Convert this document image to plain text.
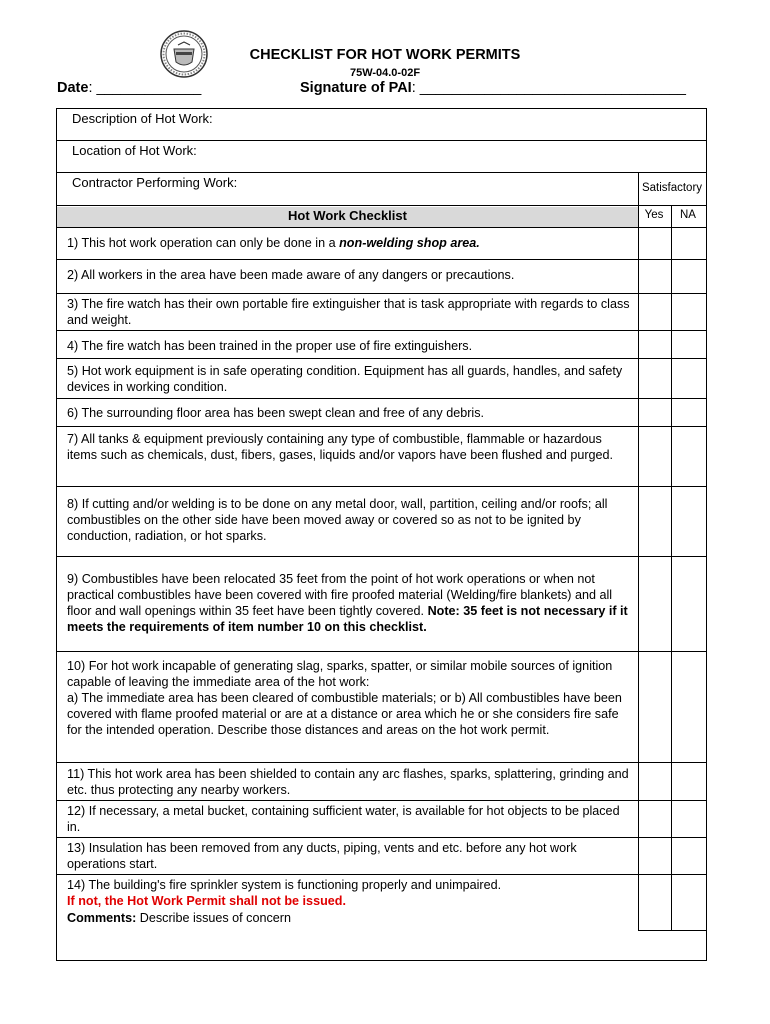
CHECKLIST FOR HOT WORK PERMITS
75W-04.0-02F
Date: _____________	Signature of PAI: _________________________________
Description of Hot Work:
Location of Hot Work:
Contractor Performing Work:	Satisfactory
Hot Work Checklist	Yes	NA
1) This hot work operation can only be done in a non-welding shop area.
2) All workers in the area have been made aware of any dangers or precautions.
3) The fire watch has their own portable fire extinguisher that is task appropriate with regards to class and weight.
4) The fire watch has been trained in the proper use of fire extinguishers.
5) Hot work equipment is in safe operating condition. Equipment has all guards, handles, and safety devices in working condition.
6) The surrounding floor area has been swept clean and free of any debris.
7) All tanks & equipment previously containing any type of combustible, flammable or hazardous items such as chemicals, dust, fibers, gases, liquids and/or vapors have been flushed and purged.
8) If cutting and/or welding is to be done on any metal door, wall, partition, ceiling and/or roofs; all combustibles on the other side have been moved away or covered so as not to be ignited by conduction, radiation, or hot sparks.
9) Combustibles have been relocated 35 feet from the point of hot work operations or when not practical combustibles have been covered with fire proofed material (Welding/fire blankets) and all floor and wall openings within 35 feet have been tightly covered. Note: 35 feet is not necessary if it meets the requirements of item number 10 on this checklist.
10) For hot work incapable of generating slag, sparks, spatter, or similar mobile sources of ignition capable of leaving the immediate area of the hot work:
a) The immediate area has been cleared of combustible materials; or b) All combustibles have been covered with flame proofed material or are at a distance or area which he or she considers fire safe for the intended operation. Describe those distances and areas on the hot work permit.
11) This hot work area has been shielded to contain any arc flashes, sparks, splattering, grinding and etc. thus protecting any nearby workers.
12) If necessary, a metal bucket, containing sufficient water, is available for hot objects to be placed in.
13) Insulation has been removed from any ducts, piping, vents and etc. before any hot work operations start.
14) The building's fire sprinkler system is functioning properly and unimpaired.
If not, the Hot Work Permit shall not be issued.
Comments: Describe issues of concern
